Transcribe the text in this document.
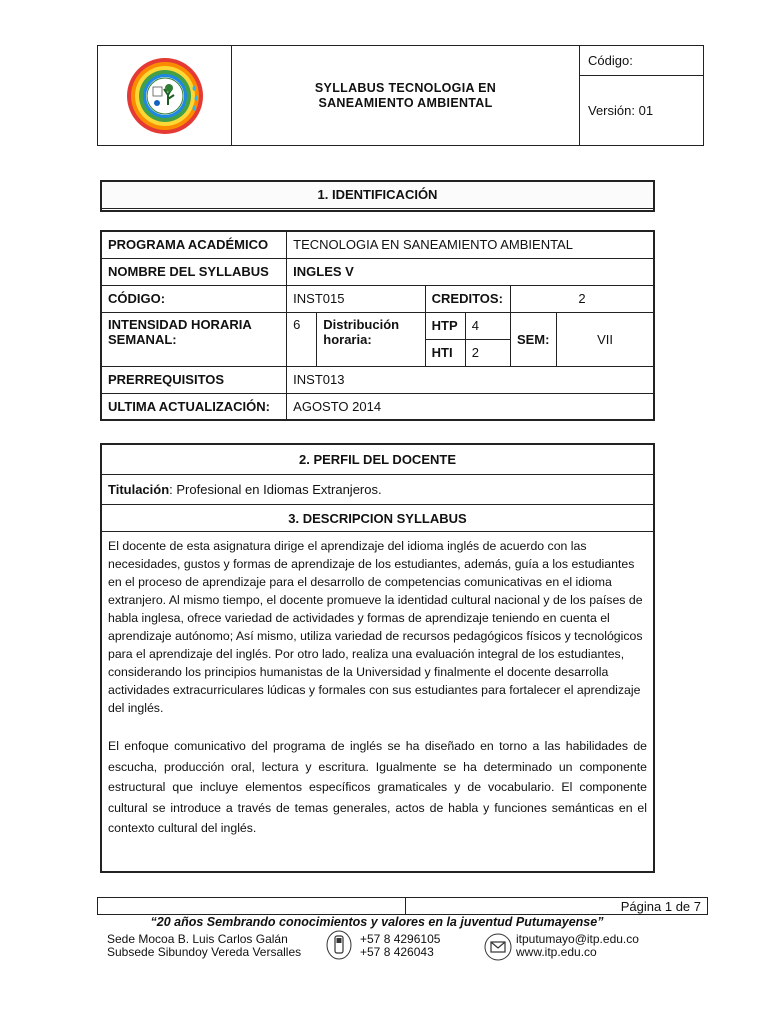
	SYLLABUS TECNOLOGIA EN SANEAMIENTO AMBIENTAL	Código:
Versión: 01
1. IDENTIFICACIÓN
PROGRAMA ACADÉMICO	TECNOLOGIA EN SANEAMIENTO AMBIENTAL					
NOMBRE DEL SYLLABUS	INGLES V					
CÓDIGO:	INST015		CREDITOS:		2	
INTENSIDAD HORARIA SEMANAL:	6	Distribución horaria:	HTP	4	SEM:	VII
			HTI	2		
PRERREQUISITOS	INST013					
ULTIMA ACTUALIZACIÓN:	AGOSTO 2014					
2. PERFIL DEL DOCENTE
Titulación: Profesional en Idiomas Extranjeros.
3. DESCRIPCION SYLLABUS
El docente de esta asignatura dirige el aprendizaje del idioma inglés de acuerdo con las
necesidades, gustos y formas de aprendizaje de los estudiantes, además, guía a los estudiantes
en el proceso de aprendizaje para el desarrollo de competencias comunicativas en el idioma
extranjero. Al mismo tiempo, el docente promueve la identidad cultural nacional y de los países de
habla inglesa, ofrece variedad de actividades y formas de aprendizaje teniendo en cuenta el
aprendizaje autónomo; Así mismo, utiliza variedad de recursos pedagógicos físicos y tecnológicos
para el aprendizaje del inglés. Por otro lado, realiza una evaluación integral de los estudiantes,
considerando los principios humanistas de la Universidad y finalmente el docente desarrolla
actividades extracurriculares lúdicas y formales con sus estudiantes para fortalecer el aprendizaje
del inglés.
El enfoque comunicativo del programa de inglés se ha diseñado en torno a las habilidades de escucha, producción oral, lectura y escritura. Igualmente se ha determinado un componente estructural que incluye elementos específicos gramaticales y de vocabulario. El componente cultural se introduce a través de temas generales, actos de habla y funciones semánticas en el contexto cultural del inglés.
Página 1 de 7
“20 años Sembrando conocimientos y valores en la juventud Putumayense”
Sede Mocoa B. Luis Carlos Galán
Subsede Sibundoy Vereda Versalles
+57 8 4296105
+57 8 426043
itputumayo@itp.edu.co
www.itp.edu.co
